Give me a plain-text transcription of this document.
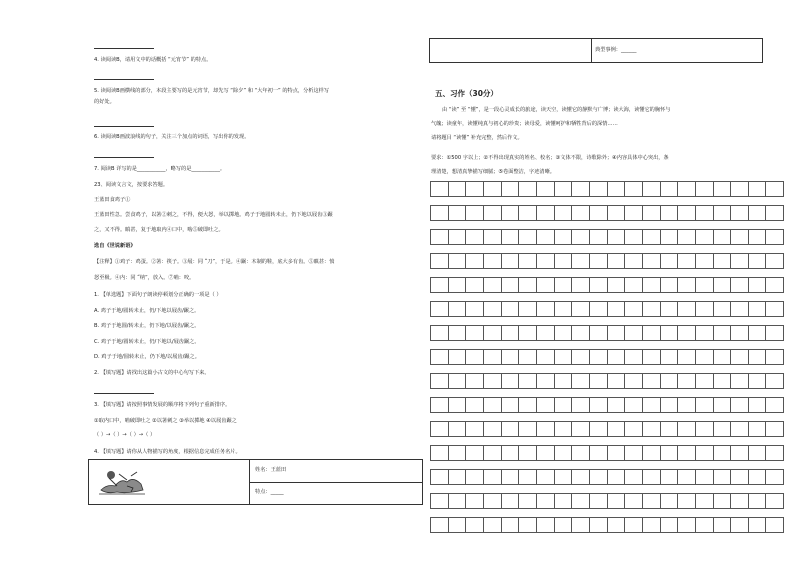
4. 读阅读B，请用文中的话概括 “元宵节” 的特点。
5. 读阅读B画横线的部分，本段主要写的是元宵节，却先写 “除夕” 和 “大年初一” 的特点，分析这样写
的好处。
6. 读阅读B画波浪线的句子，关注三个加点的词语，写出你的发现。
7. 阅读B 详写的是___________，略写的是___________。
23、阅读文言文，按要求答题。
王蓝田食鸡子①
王蓝田性急。尝食鸡子，以箸②刺之，不得，便大怒，举以掷地。鸡子于地圆转未止，仍下地以屐齿③蹍
之，又不得。瞋甚，复于地取内④口中，啮⑤破即吐之。
选自《世说新语》
【注释】①鸡子：鸡蛋。②箸：筷子。③屐：同 “刀”，于是。④蹍：木制的鞋，底大多有齿。⑤瞋甚：愤
怒至极。④内：同 “纳”，放入。⑦啮：咬。
1. 【单选题】下面句子朗读停顿划分正确的一项是（ ）
A. 鸡子于地/圆转未止，仍/下地以屐齿/蹍之。
B. 鸡子于地圆/转未止，仍下地/以屐齿/蹍之。
C. 鸡子于地/圆转未止，仍/下地以/屐齿蹍之。
D. 鸡子于地/圆转未止，仍下地/以屐齿/蹍之。
2. 【填写题】请找出这篇小古文的中心句写下来。
3. 【填写题】请按照事情发展的顺序将下列句子重新排序。
①取内口中，啮破即吐之 ②以箸刺之 ③举以掷地 ④以屐齿蹍之
（ ）→（ ）→（ ）→（ ）
4. 【填写题】请你从人物描写的角度，根据信息完成任务名片。
姓名：王蓝田
特点：_____
典型事例：______
五、习作（30分）
由 “读” 至 “懂”，是一段心灵成长的旅途，读天空，读懂它的静默与广博；读大海，读懂它的胸怀与
气魄；读童年，读懂纯真与初心的珍贵；读母爱，读懂呵护和牺牲背后的深情……
请将题目 “读懂” 补充完整，然后作文。
要求：①500 字以上；②不得出现真实的姓名、校名；③文体不限，诗歌除外；④内容具体中心突出，条
理清楚，想清真挚描写细腻；⑤卷面整洁，字迹清晰。
